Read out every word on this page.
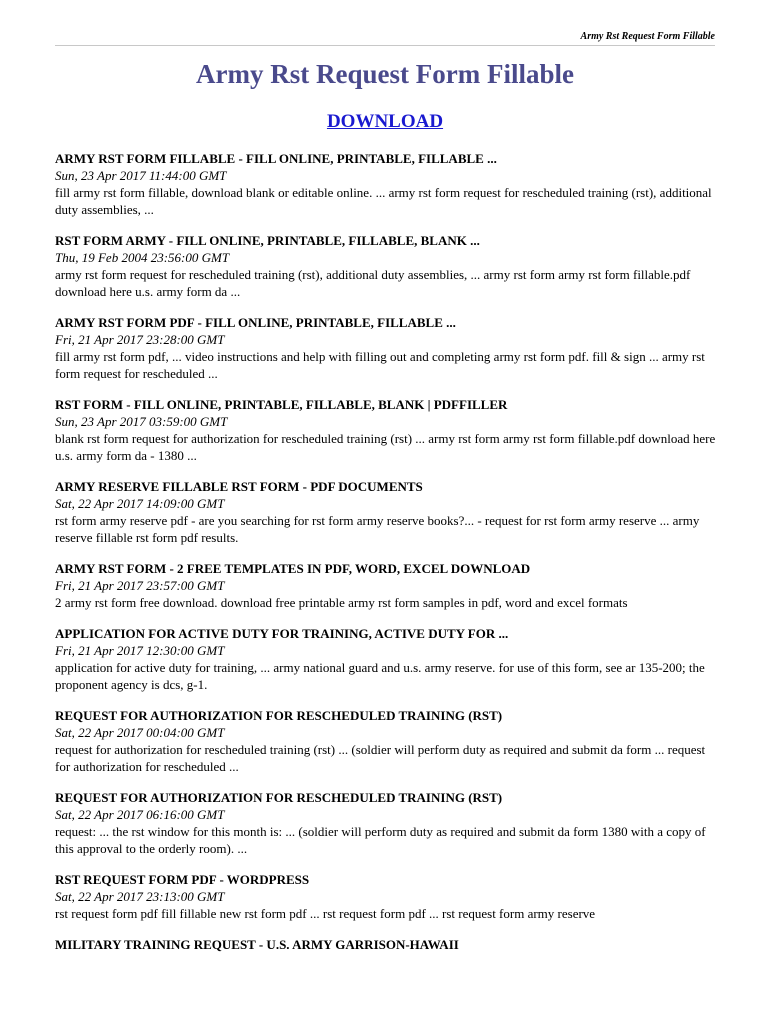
Army Rst Request Form Fillable
Army Rst Request Form Fillable
DOWNLOAD
ARMY RST FORM FILLABLE - FILL ONLINE, PRINTABLE, FILLABLE ...
Sun, 23 Apr 2017 11:44:00 GMT
fill army rst form fillable, download blank or editable online. ... army rst form request for rescheduled training (rst), additional duty assemblies, ...
RST FORM ARMY - FILL ONLINE, PRINTABLE, FILLABLE, BLANK ...
Thu, 19 Feb 2004 23:56:00 GMT
army rst form request for rescheduled training (rst), additional duty assemblies, ... army rst form army rst form fillable.pdf download here u.s. army form da ...
ARMY RST FORM PDF - FILL ONLINE, PRINTABLE, FILLABLE ...
Fri, 21 Apr 2017 23:28:00 GMT
fill army rst form pdf, ... video instructions and help with filling out and completing army rst form pdf. fill & sign ... army rst form request for rescheduled ...
RST FORM - FILL ONLINE, PRINTABLE, FILLABLE, BLANK | PDFFILLER
Sun, 23 Apr 2017 03:59:00 GMT
blank rst form request for authorization for rescheduled training (rst) ... army rst form army rst form fillable.pdf download here u.s. army form da - 1380 ...
ARMY RESERVE FILLABLE RST FORM - PDF DOCUMENTS
Sat, 22 Apr 2017 14:09:00 GMT
rst form army reserve pdf - are you searching for rst form army reserve books?... - request for rst form army reserve ... army reserve fillable rst form pdf results.
ARMY RST FORM - 2 FREE TEMPLATES IN PDF, WORD, EXCEL DOWNLOAD
Fri, 21 Apr 2017 23:57:00 GMT
2 army rst form free download. download free printable army rst form samples in pdf, word and excel formats
APPLICATION FOR ACTIVE DUTY FOR TRAINING, ACTIVE DUTY FOR ...
Fri, 21 Apr 2017 12:30:00 GMT
application for active duty for training, ... army national guard and u.s. army reserve. for use of this form, see ar 135-200; the proponent agency is dcs, g-1.
REQUEST FOR AUTHORIZATION FOR RESCHEDULED TRAINING (RST)
Sat, 22 Apr 2017 00:04:00 GMT
request for authorization for rescheduled training (rst) ... (soldier will perform duty as required and submit da form ... request for authorization for rescheduled ...
REQUEST FOR AUTHORIZATION FOR RESCHEDULED TRAINING (RST)
Sat, 22 Apr 2017 06:16:00 GMT
request: ... the rst window for this month is: ... (soldier will perform duty as required and submit da form 1380 with a copy of this approval to the orderly room). ...
RST REQUEST FORM PDF - WORDPRESS
Sat, 22 Apr 2017 23:13:00 GMT
rst request form pdf fill fillable new rst form pdf ... rst request form pdf ... rst request form army reserve
MILITARY TRAINING REQUEST - U.S. ARMY GARRISON-HAWAII
